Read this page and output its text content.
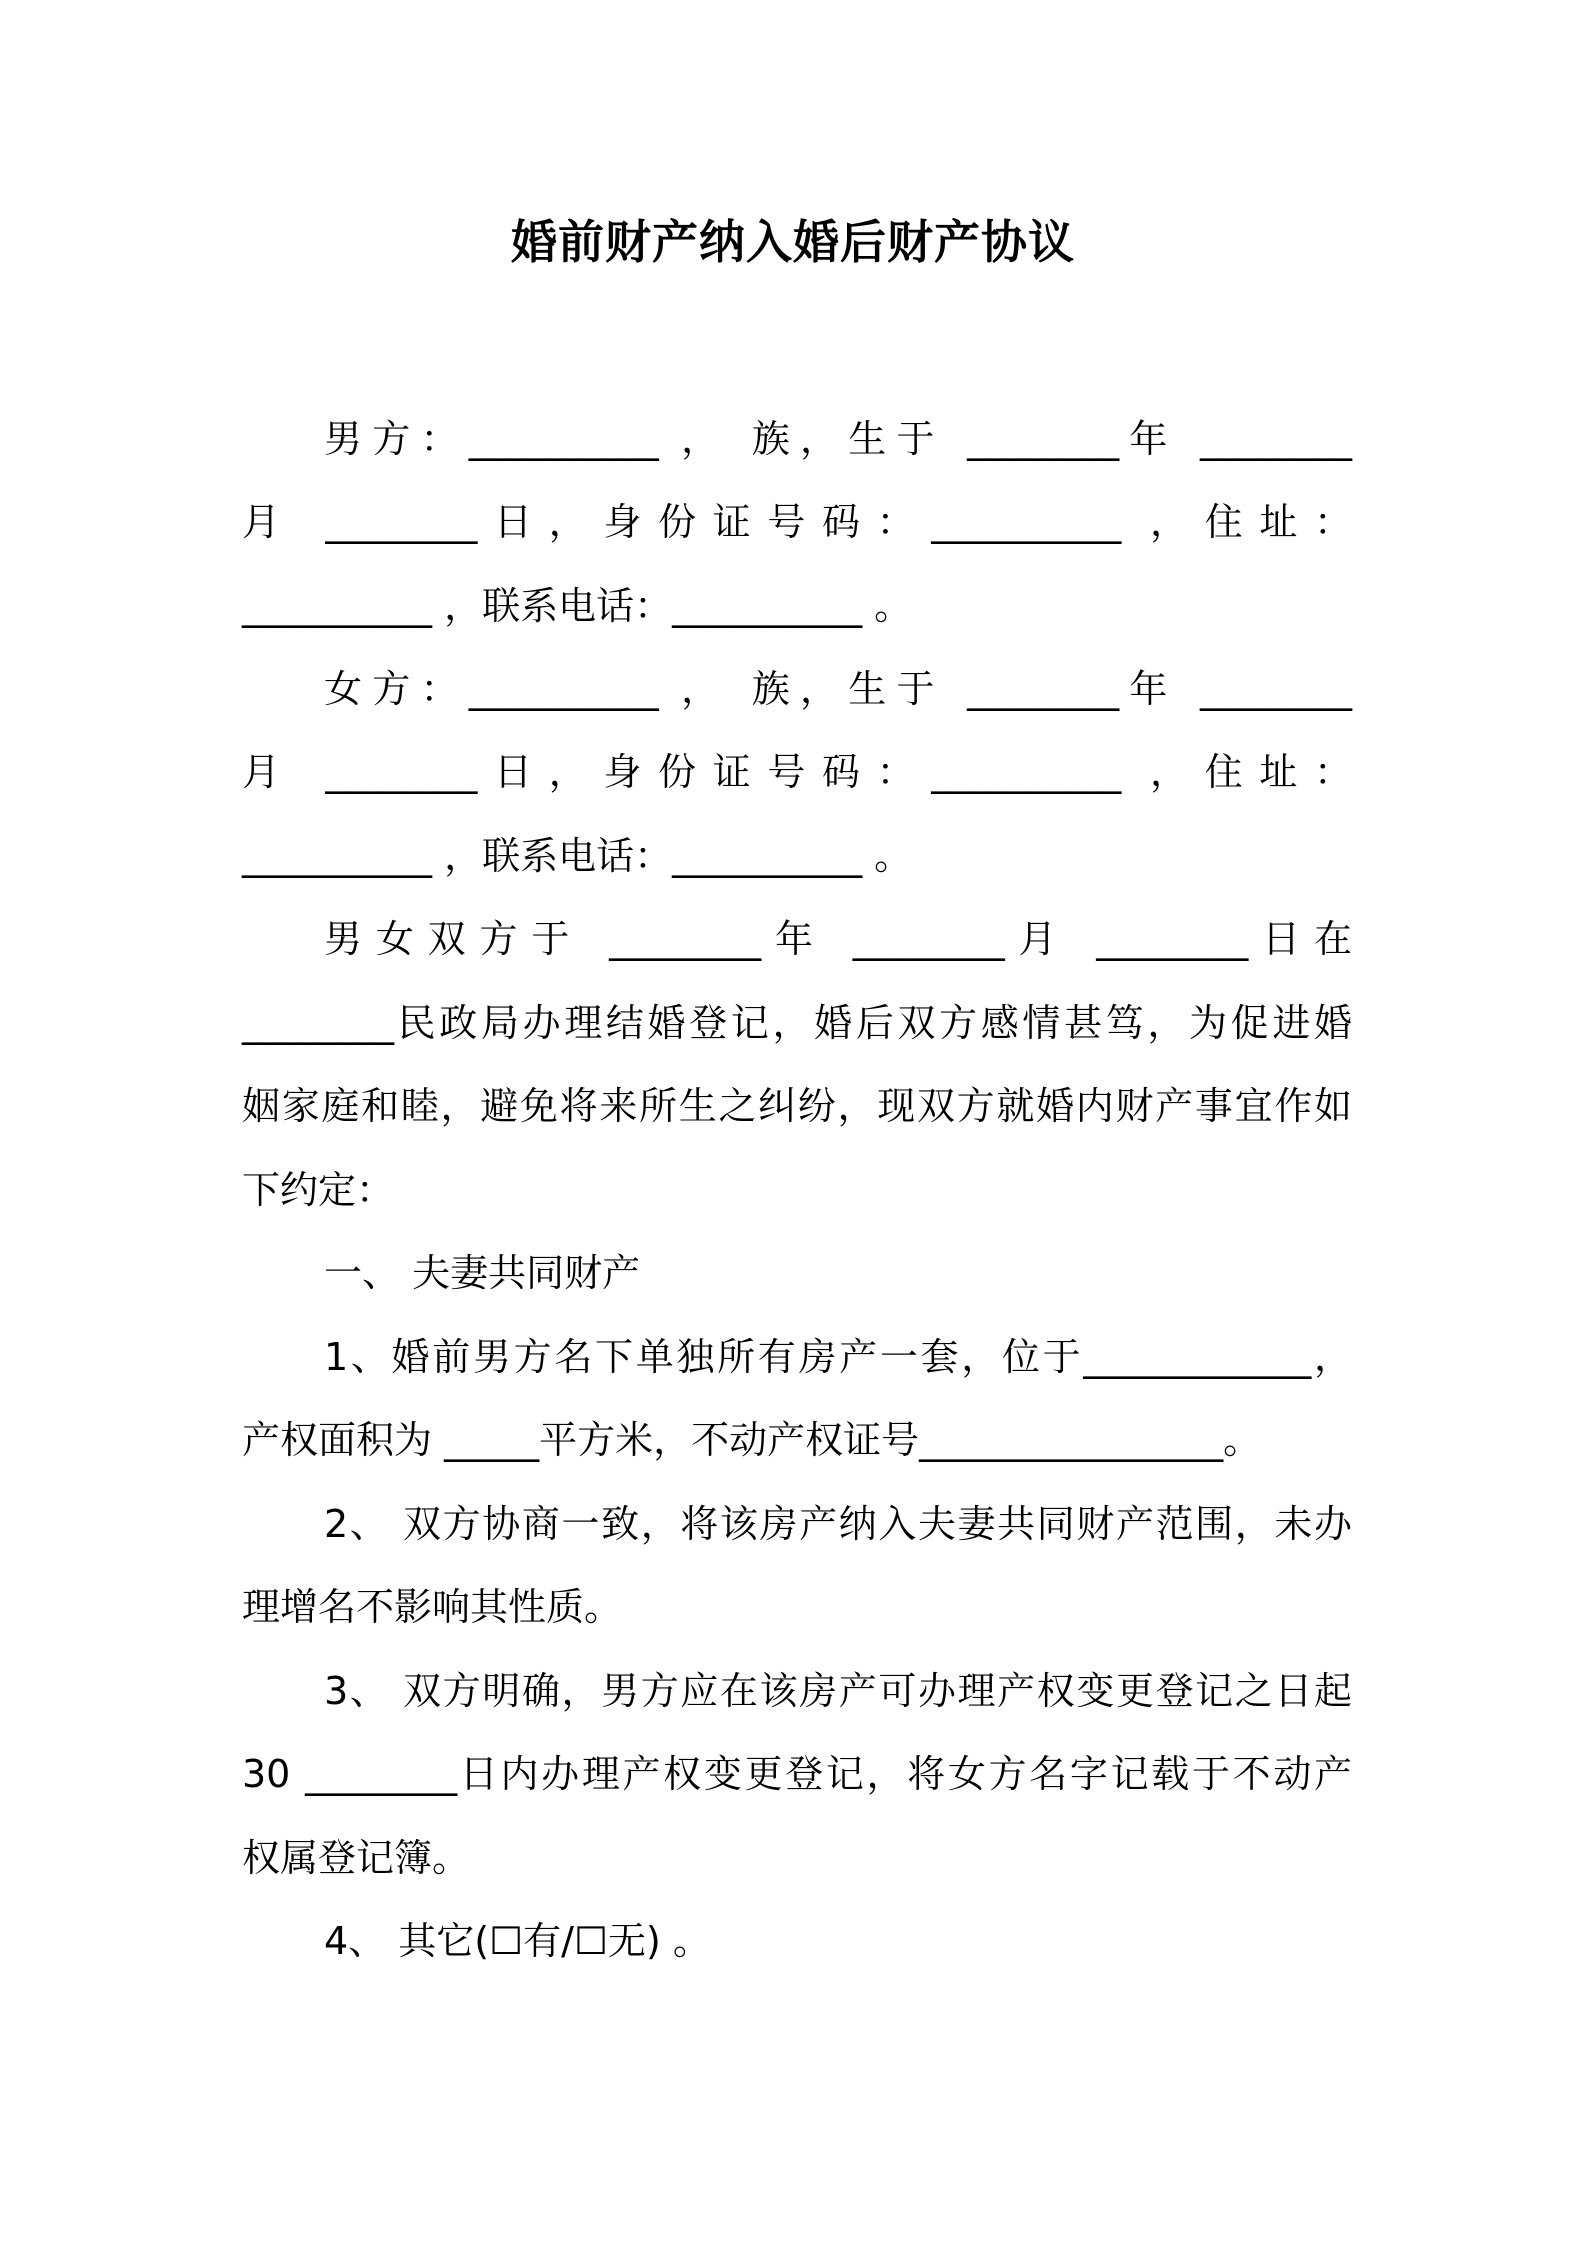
婚前财产纳入婚后财产协议
男方：__________ ， 族，生于 ________年 ________
月 ________日，身份证号码：__________ ，住址：
__________ ，联系电话：__________ 。
女方：__________ ， 族，生于 ________年 ________
月 ________日，身份证号码：__________ ，住址：
__________ ，联系电话：__________ 。
男女双方于 ________年 ________月 ________日在
________民政局办理结婚登记，婚后双方感情甚笃，为促进婚
姻家庭和睦，避免将来所生之纠纷，现双方就婚内财产事宜作如
下约定：
一、 夫妻共同财产
1、婚前男方名下单独所有房产一套，位于____________，
产权面积为 _____平方米，不动产权证号________________。
2、 双方协商一致，将该房产纳入夫妻共同财产范围，未办
理增名不影响其性质。
3、 双方明确，男方应在该房产可办理产权变更登记之日起
30 ________日内办理产权变更登记，将女方名字记载于不动产
权属登记簿。
4、 其它(☐有/☐无) 。
